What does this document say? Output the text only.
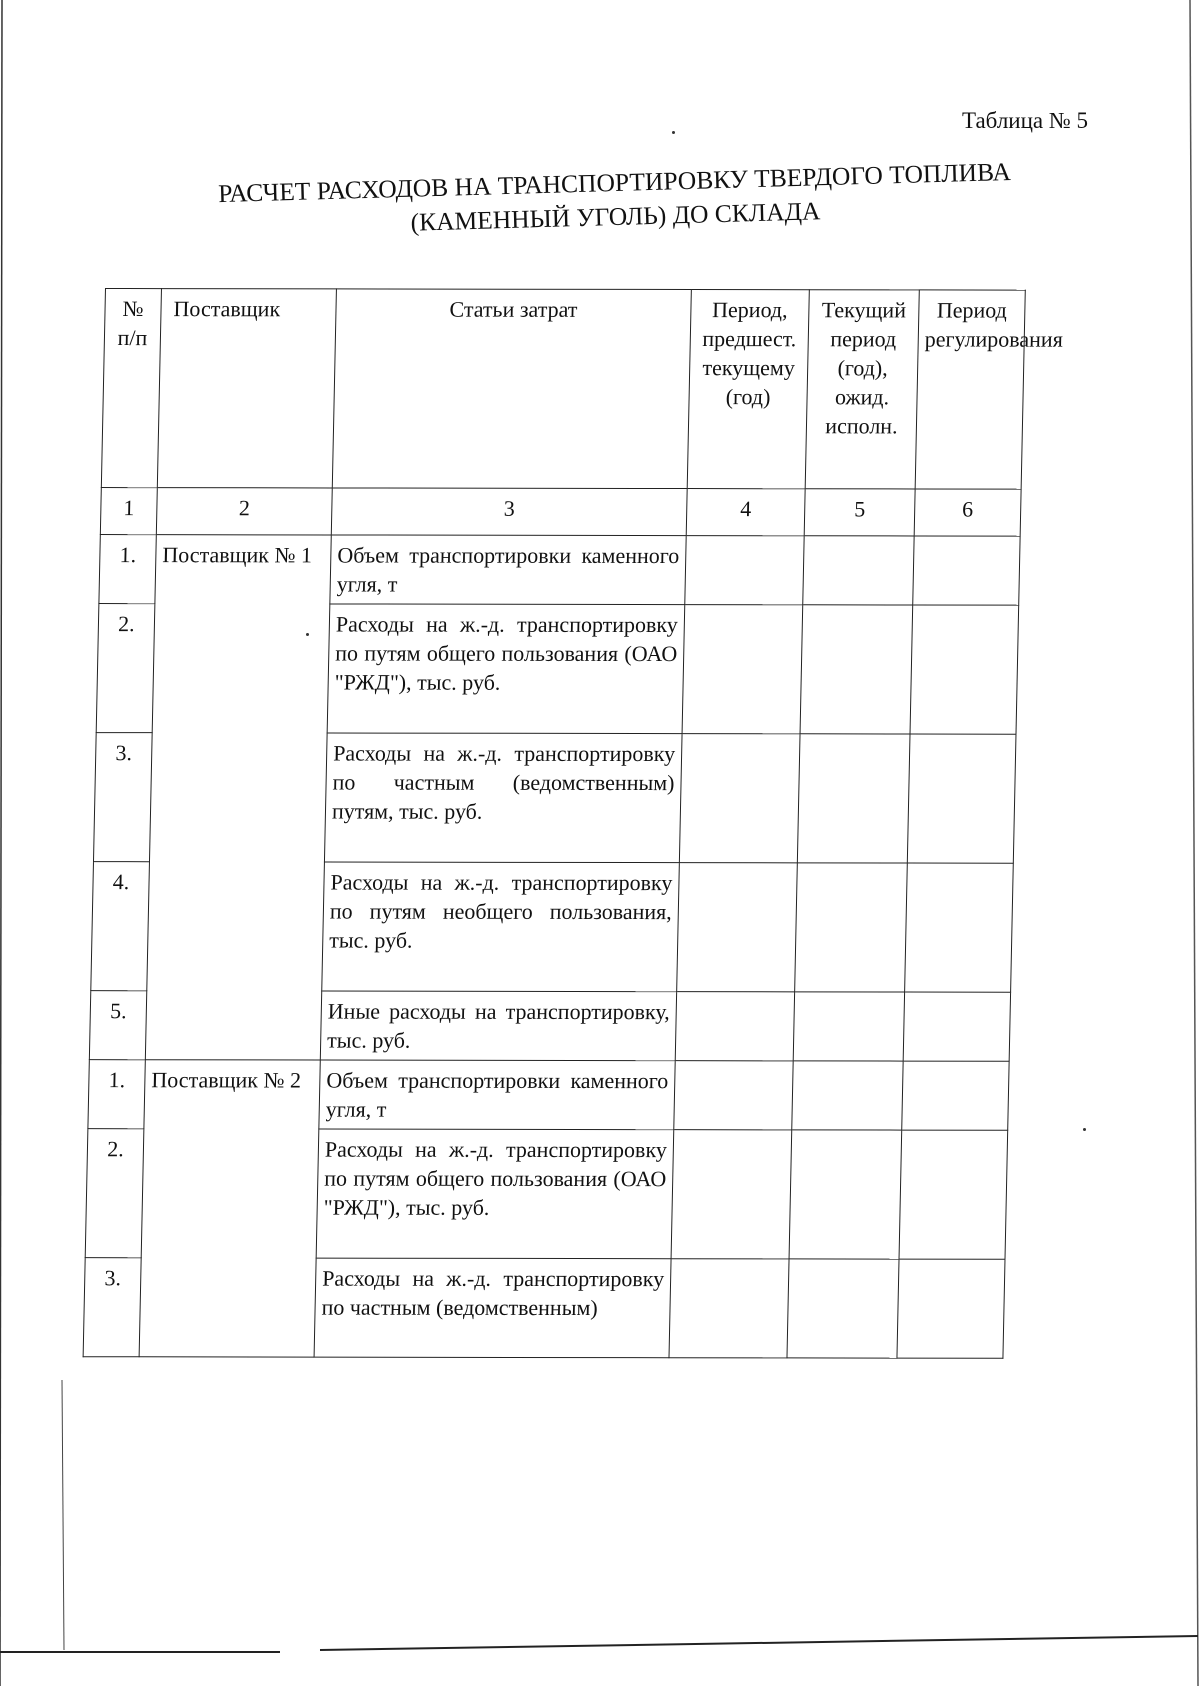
Таблица № 5
РАСЧЕТ РАСХОДОВ НА ТРАНСПОРТИРОВКУ ТВЕРДОГО ТОПЛИВА
(КАМЕННЫЙ УГОЛЬ) ДО СКЛАДА
№ п/п	Поставщик	Статьи затрат	Период, предшест. текущему (год)	Текущий период (год), ожид. исполн.	Период регулирования
1	2	3	4	5	6
1.	Поставщик № 1	Объем транспортировки каменного угля, т			
2.		Расходы на ж.-д. транспортировку по путям общего пользования (ОАО "РЖД"), тыс. руб.			
3.		Расходы на ж.-д. транспортировку по частным (ведомственным) путям, тыс. руб.			
4.		Расходы на ж.-д. транспортировку по путям необщего пользования, тыс. руб.			
5.		Иные расходы на транспортировку, тыс. руб.			
1.	Поставщик № 2	Объем транспортировки каменного угля, т			
2.		Расходы на ж.-д. транспортировку по путям общего пользования (ОАО "РЖД"), тыс. руб.			
3.		Расходы на ж.-д. транспортировку по частным (ведомственным)			
